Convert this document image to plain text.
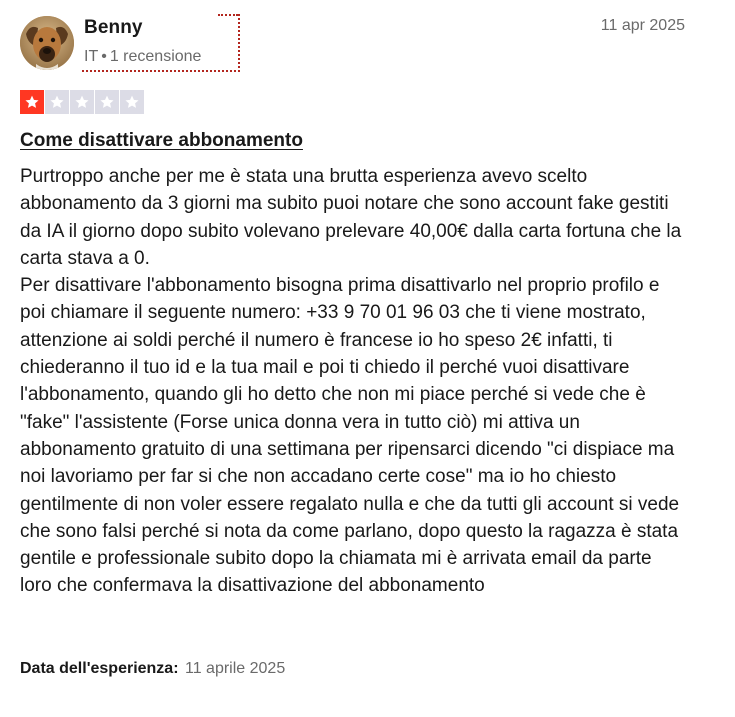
Benny
IT • 1 recensione
11 apr 2025
Come disattivare abbonamento

Purtroppo anche per me è stata una brutta esperienza avevo scelto abbonamento da 3 giorni ma subito puoi notare che sono account fake gestiti da IA il giorno dopo subito volevano prelevare 40,00€ dalla carta fortuna che la carta stava a 0.

Per disattivare l'abbonamento bisogna prima disattivarlo nel proprio profilo e poi chiamare il seguente numero: +33 9 70 01 96 03 che ti viene mostrato, attenzione ai soldi perché il numero è francese io ho speso 2€ infatti, ti chiederanno il tuo id e la tua mail e poi ti chiedo il perché vuoi disattivare l'abbonamento, quando gli ho detto che non mi piace perché si vede che è "fake" l'assistente (Forse unica donna vera in tutto ciò) mi attiva un abbonamento gratuito di una settimana per ripensarci dicendo "ci dispiace ma noi lavoriamo per far si che non accadano certe cose" ma io ho chiesto gentilmente di non voler essere regalato nulla e che da tutti gli account si vede che sono falsi perché si nota da come parlano, dopo questo la ragazza è stata gentile e professionale subito dopo la chiamata mi è arrivata email da parte loro che confermava la disattivazione del abbonamento

Data dell'esperienza: 11 aprile 2025
